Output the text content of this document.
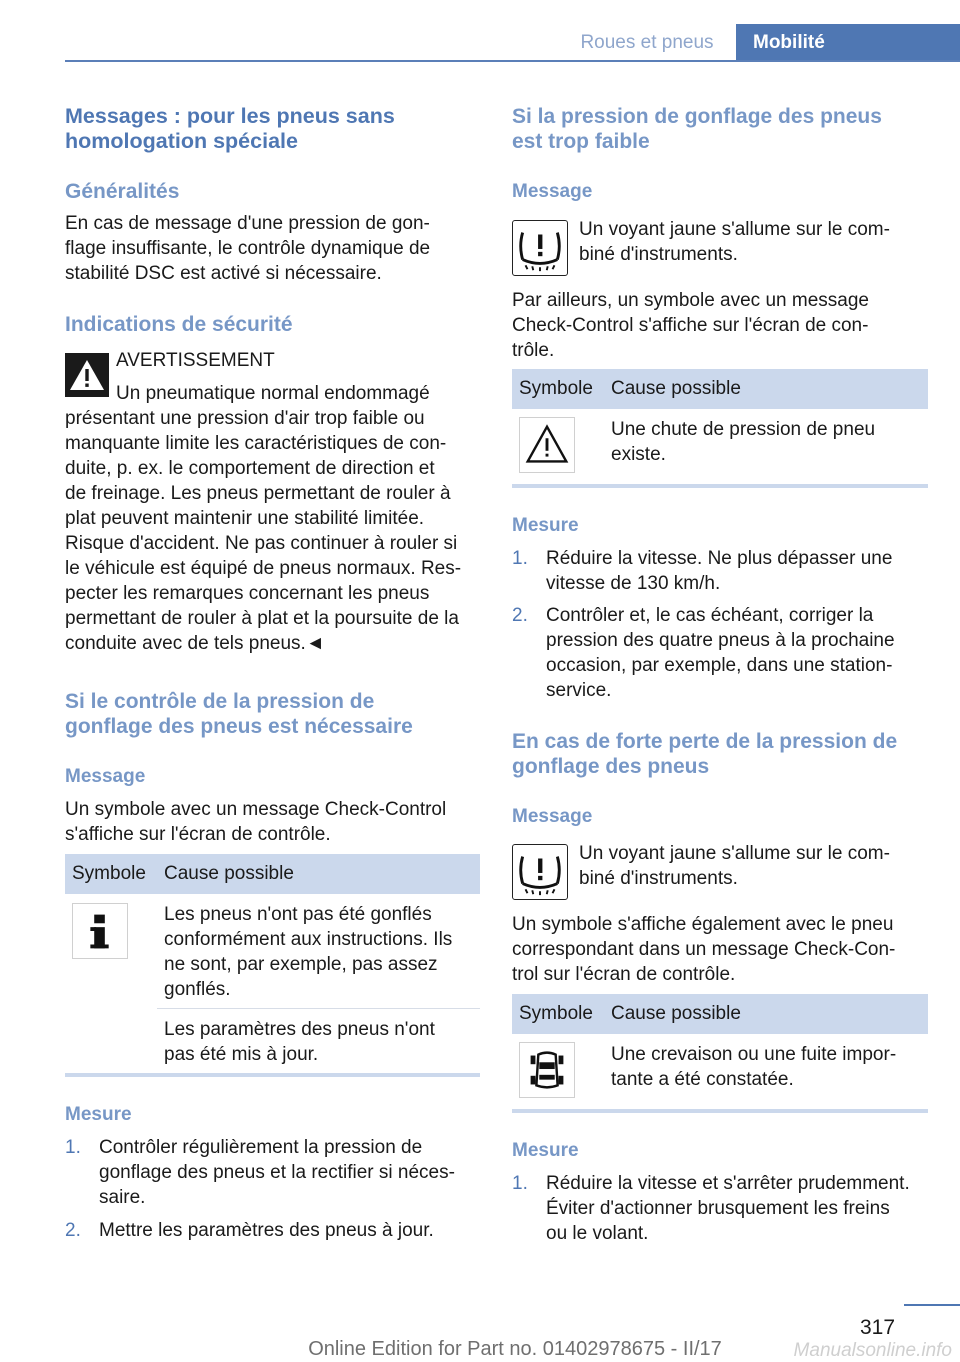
Roues et pneus	Mobilité
Messages : pour les pneus sans
homologation spéciale
Généralités
En cas de message d'une pression de gon-
flage insuffisante, le contrôle dynamique de
stabilité DSC est activé si nécessaire.
Indications de sécurité
AVERTISSEMENT
Un pneumatique normal endommagé
présentant une pression d'air trop faible ou
manquante limite les caractéristiques de con-
duite, p. ex. le comportement de direction et
de freinage. Les pneus permettant de rouler à
plat peuvent maintenir une stabilité limitée.
Risque d'accident. Ne pas continuer à rouler si
le véhicule est équipé de pneus normaux. Res-
pecter les remarques concernant les pneus
permettant de rouler à plat et la poursuite de la
conduite avec de tels pneus.◄
Si le contrôle de la pression de
gonflage des pneus est nécessaire
Message
Un symbole avec un message Check-Control
s'affiche sur l'écran de contrôle.
Symbole Cause possible
Les pneus n'ont pas été gonflés
conformément aux instructions. Ils
ne sont, par exemple, pas assez
gonflés.
Les paramètres des pneus n'ont
pas été mis à jour.
Mesure
1. Contrôler régulièrement la pression de
gonflage des pneus et la rectifier si néces-
saire.
2. Mettre les paramètres des pneus à jour.
Si la pression de gonflage des pneus
est trop faible
Message
Un voyant jaune s'allume sur le com-
biné d'instruments.
Par ailleurs, un symbole avec un message
Check-Control s'affiche sur l'écran de con-
trôle.
Symbole Cause possible
Une chute de pression de pneu
existe.
Mesure
1. Réduire la vitesse. Ne plus dépasser une
vitesse de 130 km/h.
2. Contrôler et, le cas échéant, corriger la
pression des quatre pneus à la prochaine
occasion, par exemple, dans une station-
service.
En cas de forte perte de la pression de
gonflage des pneus
Message
Un voyant jaune s'allume sur le com-
biné d'instruments.
Un symbole s'affiche également avec le pneu
correspondant dans un message Check-Con-
trol sur l'écran de contrôle.
Symbole Cause possible
Une crevaison ou une fuite impor-
tante a été constatée.
Mesure
1. Réduire la vitesse et s'arrêter prudemment.
Éviter d'actionner brusquement les freins
ou le volant.
317
Online Edition for Part no. 01402978675 - II/17	Manualsonline.info
